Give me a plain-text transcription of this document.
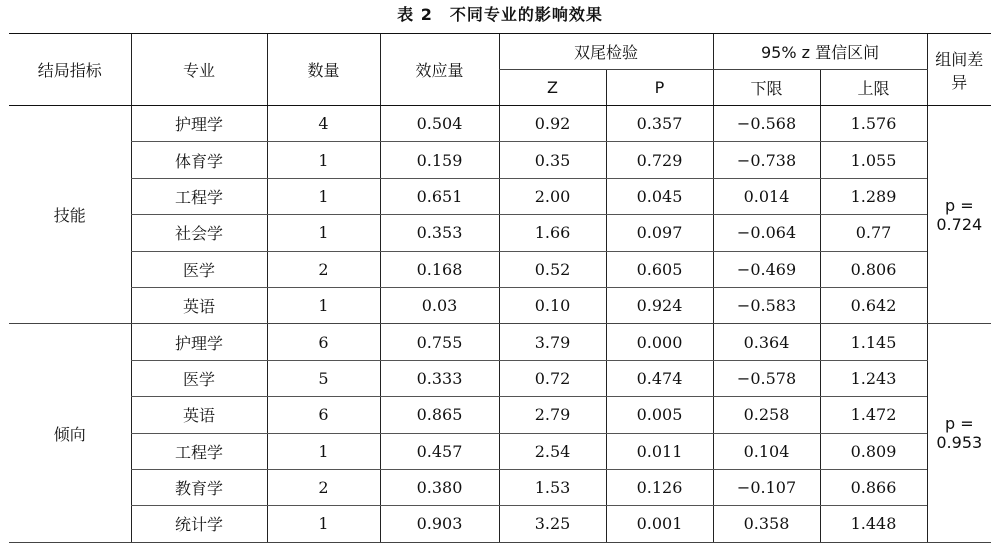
表 2　不同专业的影响效果
结局指标	专业	数量	效应量	双尾检验		95% z 置信区间		组间差异
				Z	P	下限	上限	
技能	护理学	4	0.504	0.92	0.357	−0.568	1.576	p = 0.724
	体育学	1	0.159	0.35	0.729	−0.738	1.055	
	工程学	1	0.651	2.00	0.045	0.014	1.289	
	社会学	1	0.353	1.66	0.097	−0.064	0.77	
	医学	2	0.168	0.52	0.605	−0.469	0.806	
	英语	1	0.03	0.10	0.924	−0.583	0.642	
倾向	护理学	6	0.755	3.79	0.000	0.364	1.145	p = 0.953
	医学	5	0.333	0.72	0.474	−0.578	1.243	
	英语	6	0.865	2.79	0.005	0.258	1.472	
	工程学	1	0.457	2.54	0.011	0.104	0.809	
	教育学	2	0.380	1.53	0.126	−0.107	0.866	
	统计学	1	0.903	3.25	0.001	0.358	1.448	
